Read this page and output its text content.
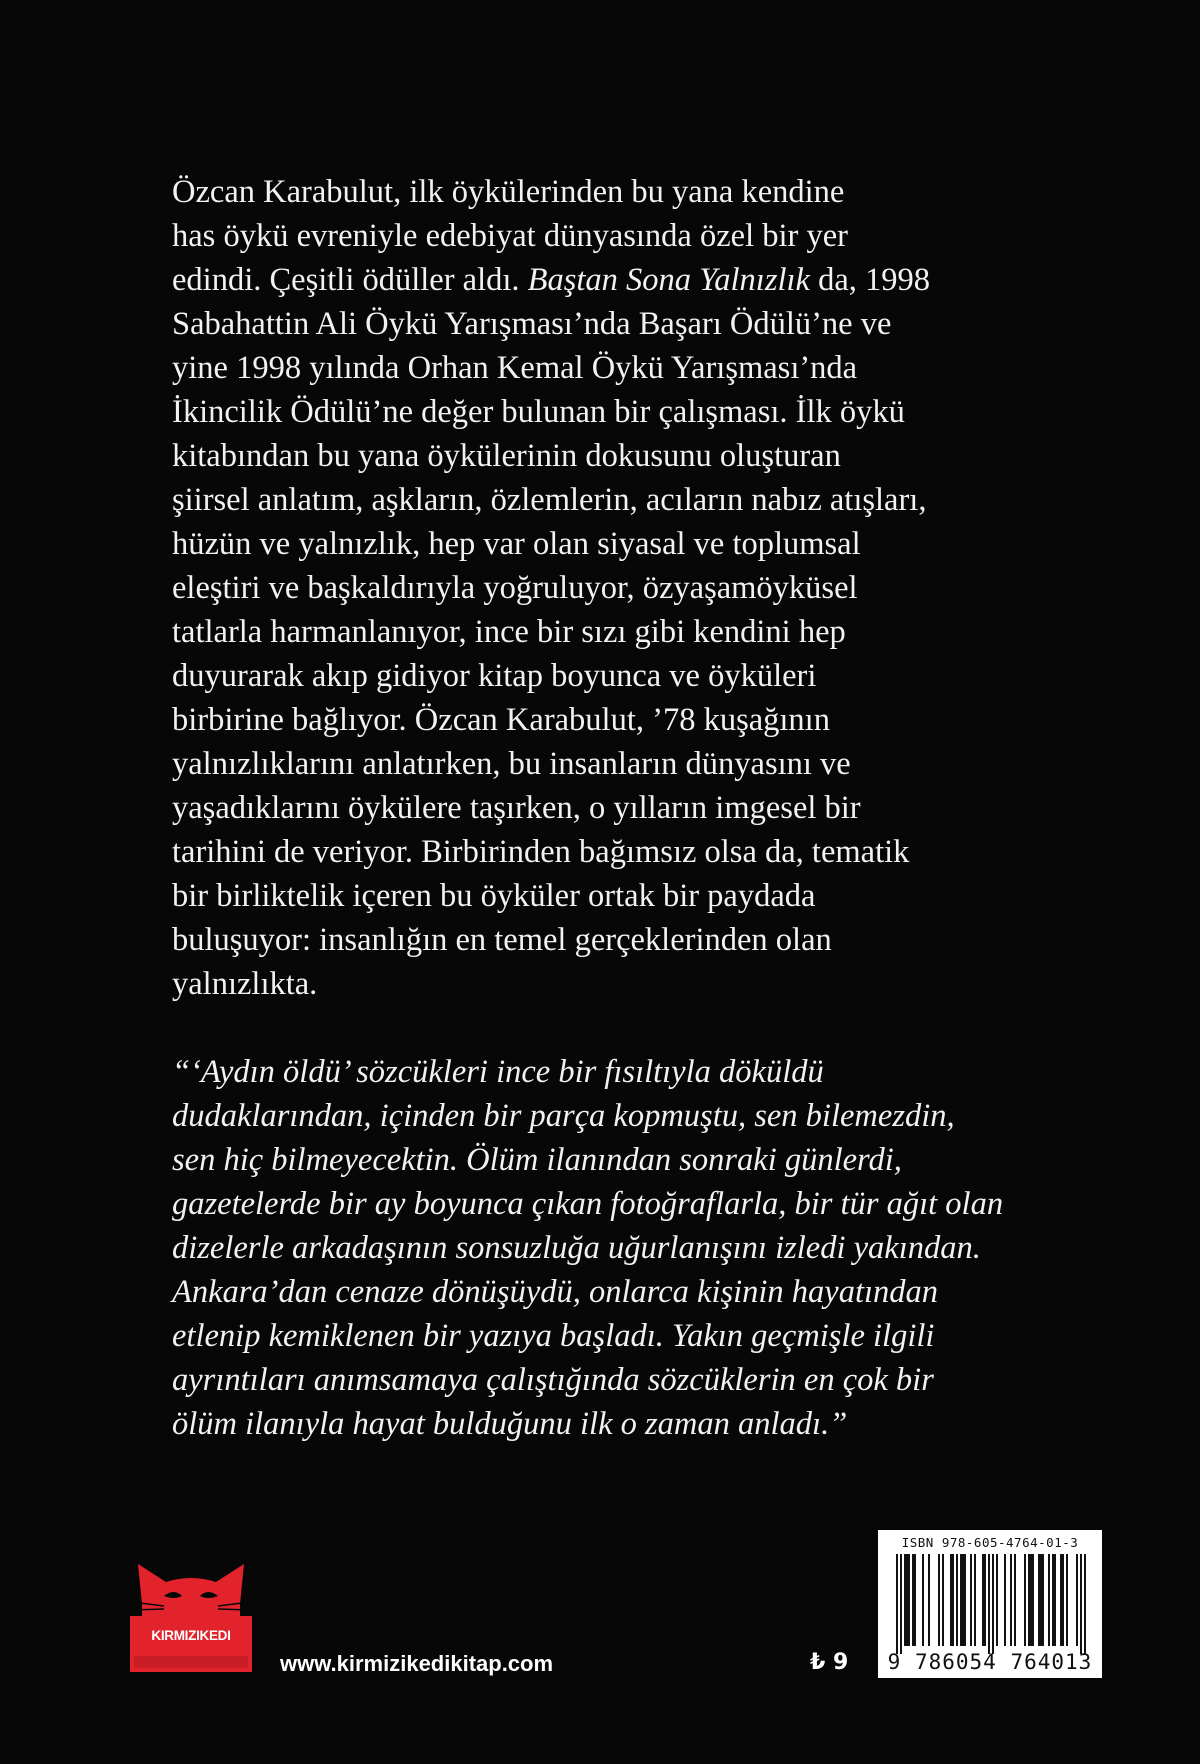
Özcan Karabulut, ilk öykülerinden bu yana kendine
has öykü evreniyle edebiyat dünyasında özel bir yer
edindi. Çeşitli ödüller aldı. Baştan Sona Yalnızlık da, 1998
Sabahattin Ali Öykü Yarışması’nda Başarı Ödülü’ne ve
yine 1998 yılında Orhan Kemal Öykü Yarışması’nda
İkincilik Ödülü’ne değer bulunan bir çalışması. İlk öykü
kitabından bu yana öykülerinin dokusunu oluşturan
şiirsel anlatım, aşkların, özlemlerin, acıların nabız atışları,
hüzün ve yalnızlık, hep var olan siyasal ve toplumsal
eleştiri ve başkaldırıyla yoğruluyor, özyaşamöyküsel
tatlarla harmanlanıyor, ince bir sızı gibi kendini hep
duyurarak akıp gidiyor kitap boyunca ve öyküleri
birbirine bağlıyor. Özcan Karabulut, ’78 kuşağının
yalnızlıklarını anlatırken, bu insanların dünyasını ve
yaşadıklarını öykülere taşırken, o yılların imgesel bir
tarihini de veriyor. Birbirinden bağımsız olsa da, tematik
bir birliktelik içeren bu öyküler ortak bir paydada
buluşuyor: insanlığın en temel gerçeklerinden olan
yalnızlıkta.
“‘Aydın öldü’ sözcükleri ince bir fısıltıyla döküldü
dudaklarından, içinden bir parça kopmuştu, sen bilemezdin,
sen hiç bilmeyecektin. Ölüm ilanından sonraki günlerdi,
gazetelerde bir ay boyunca çıkan fotoğraflarla, bir tür ağıt olan
dizelerle arkadaşının sonsuzluğa uğurlanışını izledi yakından.
Ankara’dan cenaze dönüşüydü, onlarca kişinin hayatından
etlenip kemiklenen bir yazıya başladı. Yakın geçmişle ilgili
ayrıntıları anımsamaya çalıştığında sözcüklerin en çok bir
ölüm ilanıyla hayat bulduğunu ilk o zaman anladı.”
KIRMIZIKEDI
www.kirmizikedikitap.com	₺ 9
ISBN 978-605-4764-01-3
9 786054 764013
